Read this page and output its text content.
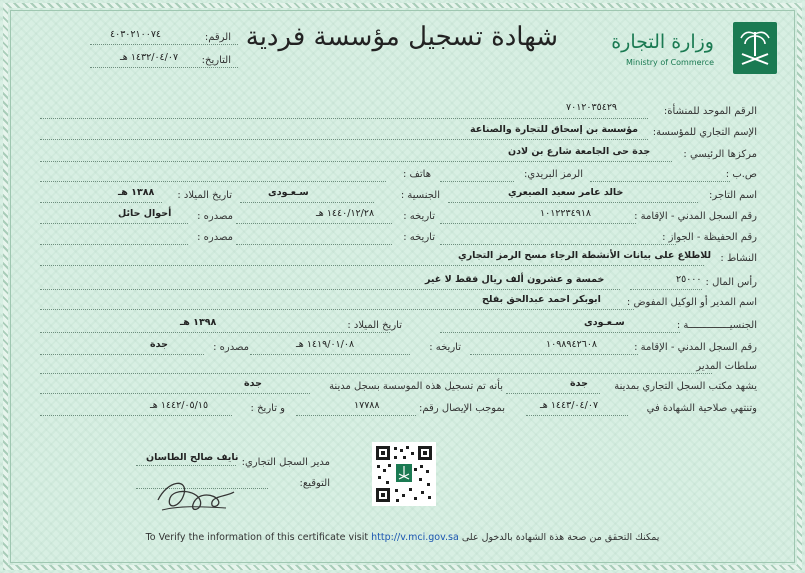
وزارة التجارة
Ministry of Commerce
شهادة تسجيل مؤسسة فردية
الرقم:
٤٠٣٠٢١٠٠٧٤
التاريخ:
١٤٣٢/٠٤/٠٧ هـ
الرقم الموحد للمنشأة:
٧٠١٢٠٣٥٤٢٩
الإسم التجاري للمؤسسة:
مؤسسة بن إسحاق للتجارة والصناعة
مركزها الرئيسي :
جدة حى الجامعة شارع بن لادن
ص.ب :
الرمز البريدي:
هاتف :
اسم التاجر:
خالد عامر سعيد الصيعري
الجنسية :
سـعـودى
تاريخ الميلاد :
١٣٨٨ هـ
رقم السجل المدني - الإقامة :
١٠١٢٢٣٤٩١٨
تاريخه :
١٤٤٠/١٢/٢٨ هـ
مصدره :
أحوال حائل
رقم الحفيظة - الجواز :
تاريخه :
مصدره :
النشاط :
للاطلاع على بيانات الأنشطة الرجاء مسح الرمز التجاري
رأس المال :
٢٥٠٠٠
خمسة و عشرون ألف ريال فقط لا غير
اسم المدير أو الوكيل المفوض :
ابوبكر احمد عبدالحق بفلح
الجنسيــــــــــــــة :
سـعـودى
تاريخ الميلاد :
١٣٩٨ هـ
رقم السجل المدني - الإقامة :
١٠٩٨٩٤٢٦٠٨
تاريخه :
١٤١٩/٠١/٠٨ هـ
مصدره :
جدة
سلطات المدير
يشهد مكتب السجل التجاري بمدينة
جدة
بأنه تم تسجيل هذه الموسسة بسجل مدينة
جدة
وتنتهي صلاحية الشهادة في
١٤٤٣/٠٤/٠٧ هـ
بموجب الإيصال رقم:
١٧٧٨٨
و تاريخ :
١٤٤٢/٠٥/١٥ هـ
مدير السجل التجاري:
نايف صالح الطاسان
التوقيع:
To Verify the information of this certificate visit http://v.mci.gov.sa يمكنك التحقق من صحة هذة الشهادة بالدخول على
